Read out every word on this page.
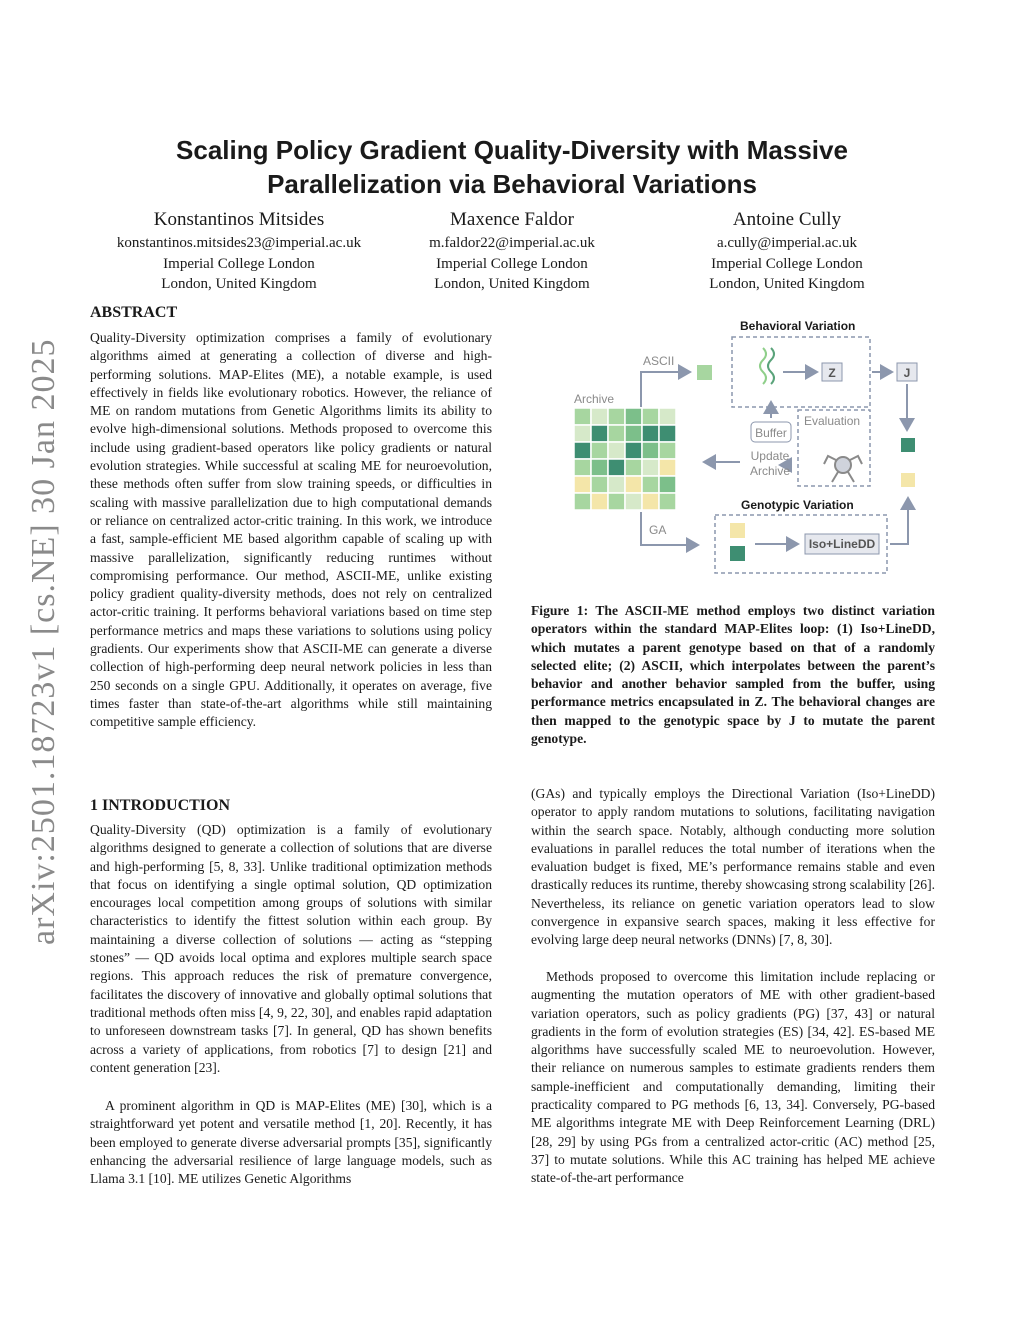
arXiv:2501.18723v1 [cs.NE] 30 Jan 2025
Scaling Policy Gradient Quality-Diversity with Massive Parallelization via Behavioral Variations
Konstantinos Mitsides
konstantinos.mitsides23@imperial.ac.uk
Imperial College London
London, United Kingdom
Maxence Faldor
m.faldor22@imperial.ac.uk
Imperial College London
London, United Kingdom
Antoine Cully
a.cully@imperial.ac.uk
Imperial College London
London, United Kingdom
ABSTRACT

Quality-Diversity optimization comprises a family of evolutionary algorithms aimed at generating a collection of diverse and high-performing solutions. MAP-Elites (ME), a notable example, is used effectively in fields like evolutionary robotics. However, the reliance of ME on random mutations from Genetic Algorithms limits its ability to evolve high-dimensional solutions. Methods proposed to overcome this include using gradient-based operators like policy gradients or natural evolution strategies. While successful at scaling ME for neuroevolution, these methods often suffer from slow training speeds, or difficulties in scaling with massive parallelization due to high computational demands or reliance on centralized actor-critic training. In this work, we introduce a fast, sample-efficient ME based algorithm capable of scaling up with massive parallelization, significantly reducing runtimes without compromising performance. Our method, ASCII-ME, unlike existing policy gradient quality-diversity methods, does not rely on centralized actor-critic training. It performs behavioral variations based on time step performance metrics and maps these variations to solutions using policy gradients. Our experiments show that ASCII-ME can generate a diverse collection of high-performing deep neural network policies in less than 250 seconds on a single GPU. Additionally, it operates on average, five times faster than state-of-the-art algorithms while still maintaining competitive sample efficiency.

1 INTRODUCTION

Quality-Diversity (QD) optimization is a family of evolutionary algorithms designed to generate a collection of solutions that are diverse and high-performing [5, 8, 33]. Unlike traditional optimization methods that focus on identifying a single optimal solution, QD optimization encourages local competition among groups of solutions with similar characteristics to identify the fittest solution within each group. By maintaining a diverse collection of solutions — acting as “stepping stones” — QD avoids local optima and explores multiple search space regions. This approach reduces the risk of premature convergence, facilitates the discovery of innovative and globally optimal solutions that traditional methods often miss [4, 9, 22, 30], and enables rapid adaptation to unforeseen downstream tasks [7]. In general, QD has shown benefits across a variety of applications, from robotics [7] to design [21] and content generation [23].

A prominent algorithm in QD is MAP-Elites (ME) [30], which is a straightforward yet potent and versatile method [1, 20]. Recently, it has been employed to generate diverse adversarial prompts [35], significantly enhancing the adversarial resilience of large language models, such as Llama 3.1 [10]. ME utilizes Genetic Algorithms

Archive
ASCII
Behavioral Variation
Z	J
Evaluation
Buffer
Update
Archive
GA
Genotypic Variation
Iso+LineDD

Figure 1: The ASCII-ME method employs two distinct variation operators within the standard MAP-Elites loop: (1) Iso+LineDD, which mutates a parent genotype based on that of a randomly selected elite; (2) ASCII, which interpolates between the parent’s behavior and another behavior sampled from the buffer, using performance metrics encapsulated in Z. The behavioral changes are then mapped to the genotypic space by J to mutate the parent genotype.

(GAs) and typically employs the Directional Variation (Iso+LineDD) operator to apply random mutations to solutions, facilitating navigation within the search space. Notably, although conducting more solution evaluations in parallel reduces the total number of iterations when the evaluation budget is fixed, ME’s performance remains stable and even drastically reduces its runtime, thereby showcasing strong scalability [26]. Nevertheless, its reliance on genetic variation operators lead to slow convergence in expansive search spaces, making it less effective for evolving large deep neural networks (DNNs) [7, 8, 30].

Methods proposed to overcome this limitation include replacing or augmenting the mutation operators of ME with other gradient-based variation operators, such as policy gradients (PG) [37, 43] or natural gradients in the form of evolution strategies (ES) [34, 42]. ES-based ME algorithms have successfully scaled ME to neuroevolution. However, their reliance on numerous samples to estimate gradients renders them sample-inefficient and computationally demanding, limiting their practicality compared to PG methods [6, 13, 34]. Conversely, PG-based ME algorithms integrate ME with Deep Reinforcement Learning (DRL) [28, 29] by using PGs from a centralized actor-critic (AC) method [25, 37] to mutate solutions. While this AC training has helped ME achieve state-of-the-art performance
